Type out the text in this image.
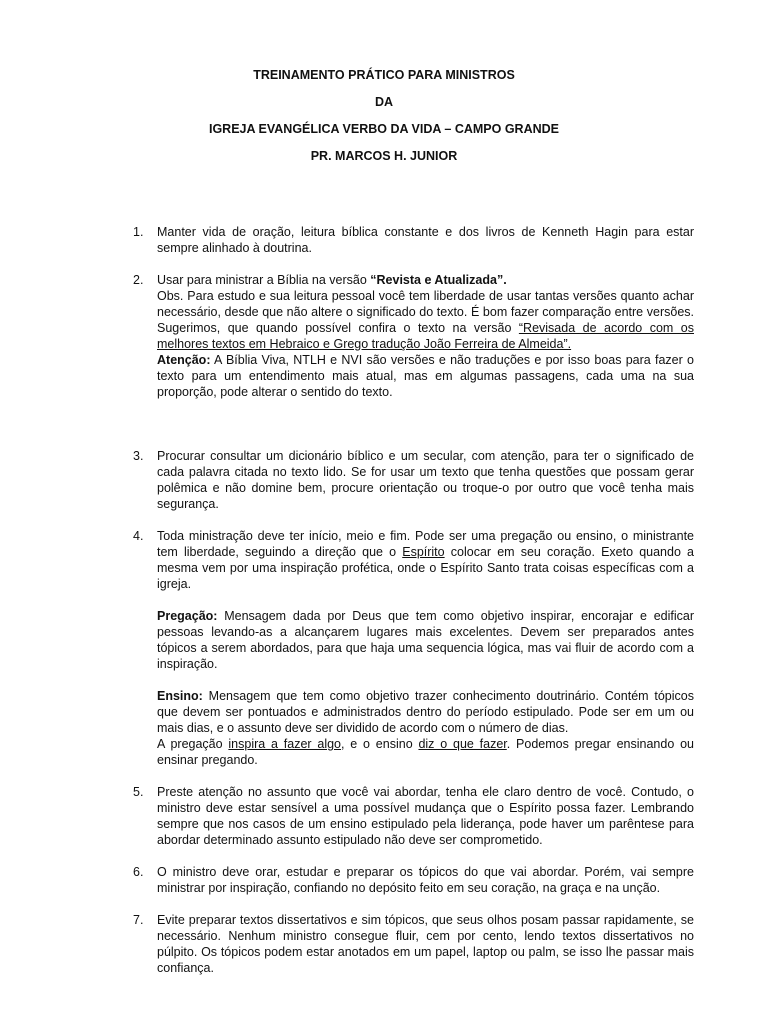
TREINAMENTO PRÁTICO PARA MINISTROS
DA
IGREJA EVANGÉLICA VERBO DA VIDA – CAMPO GRANDE
PR. MARCOS H. JUNIOR
1. Manter vida de oração, leitura bíblica constante e dos livros de Kenneth Hagin para estar sempre alinhado à doutrina.

2. Usar para ministrar a Bíblia na versão “Revista e Atualizada”.

Obs. Para estudo e sua leitura pessoal você tem liberdade de usar tantas versões quanto achar necessário, desde que não altere o significado do texto. É bom fazer comparação entre versões. Sugerimos, que quando possível confira o texto na versão “Revisada de acordo com os melhores textos em Hebraico e Grego tradução João Ferreira de Almeida”.

Atenção: A Bíblia Viva, NTLH e NVI são versões e não traduções e por isso boas para fazer o texto para um entendimento mais atual, mas em algumas passagens, cada uma na sua proporção, pode alterar o sentido do texto.

3. Procurar consultar um dicionário bíblico e um secular, com atenção, para ter o significado de cada palavra citada no texto lido. Se for usar um texto que tenha questões que possam gerar polêmica e não domine bem, procure orientação ou troque-o por outro que você tenha mais segurança.

4. Toda ministração deve ter início, meio e fim. Pode ser uma pregação ou ensino, o ministrante tem liberdade, seguindo a direção que o Espírito colocar em seu coração. Exeto quando a mesma vem por uma inspiração profética, onde o Espírito Santo trata coisas específicas com a igreja.

Pregação: Mensagem dada por Deus que tem como objetivo inspirar, encorajar e edificar pessoas levando-as a alcançarem lugares mais excelentes. Devem ser preparados antes tópicos a serem abordados, para que haja uma sequencia lógica, mas vai fluir de acordo com a inspiração.

Ensino: Mensagem que tem como objetivo trazer conhecimento doutrinário. Contém tópicos que devem ser pontuados e administrados dentro do período estipulado. Pode ser em um ou mais dias, e o assunto deve ser dividido de acordo com o número de dias.

A pregação inspira a fazer algo, e o ensino diz o que fazer. Podemos pregar ensinando ou ensinar pregando.

5. Preste atenção no assunto que você vai abordar, tenha ele claro dentro de você. Contudo, o ministro deve estar sensível a uma possível mudança que o Espírito possa fazer. Lembrando sempre que nos casos de um ensino estipulado pela liderança, pode haver um parêntese para abordar determinado assunto estipulado não deve ser comprometido.

6. O ministro deve orar, estudar e preparar os tópicos do que vai abordar. Porém, vai sempre ministrar por inspiração, confiando no depósito feito em seu coração, na graça e na unção.

7. Evite preparar textos dissertativos e sim tópicos, que seus olhos posam passar rapidamente, se necessário. Nenhum ministro consegue fluir, cem por cento, lendo textos dissertativos no púlpito. Os tópicos podem estar anotados em um papel, laptop ou palm, se isso lhe passar mais confiança.
